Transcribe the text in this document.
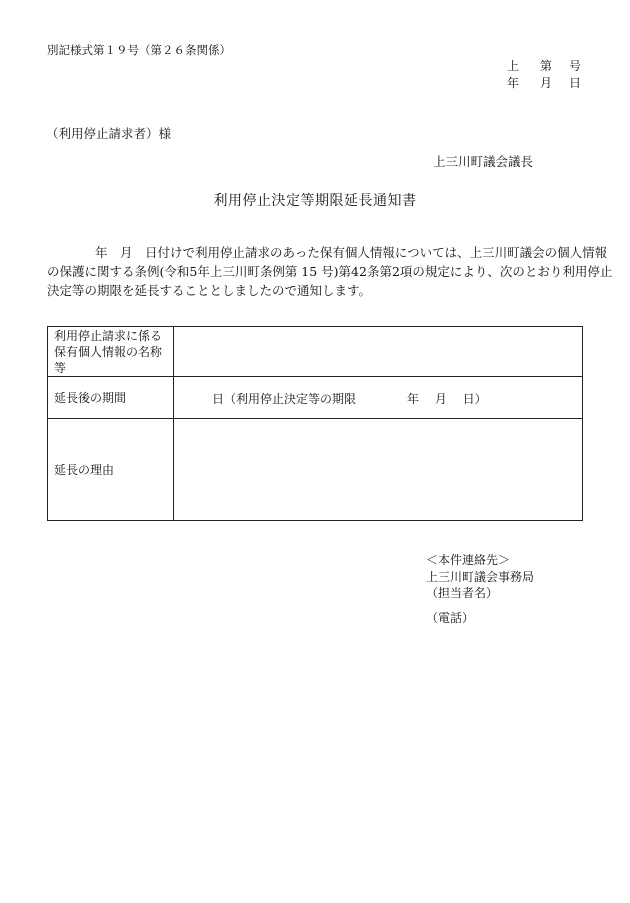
別記様式第１９号（第２６条関係）
上 第 号
年 月 日
（利用停止請求者）様
上三川町議会議長
利用停止決定等期限延長通知書
年　月　日付けで利用停止請求のあった保有個人情報については、上三川町議会の個人情報
の保護に関する条例(令和5年上三川町条例第 15 号)第42条第2項の規定により、次のとおり利用停止
決定等の期限を延長することとしましたので通知します。
利用停止請求に係る
保有個人情報の名称
等	

延長後の期間	日（利用停止決定等の期限 年　 月　 日）

延長の理由	
＜本件連絡先＞
上三川町議会事務局
（担当者名）
（電話）
